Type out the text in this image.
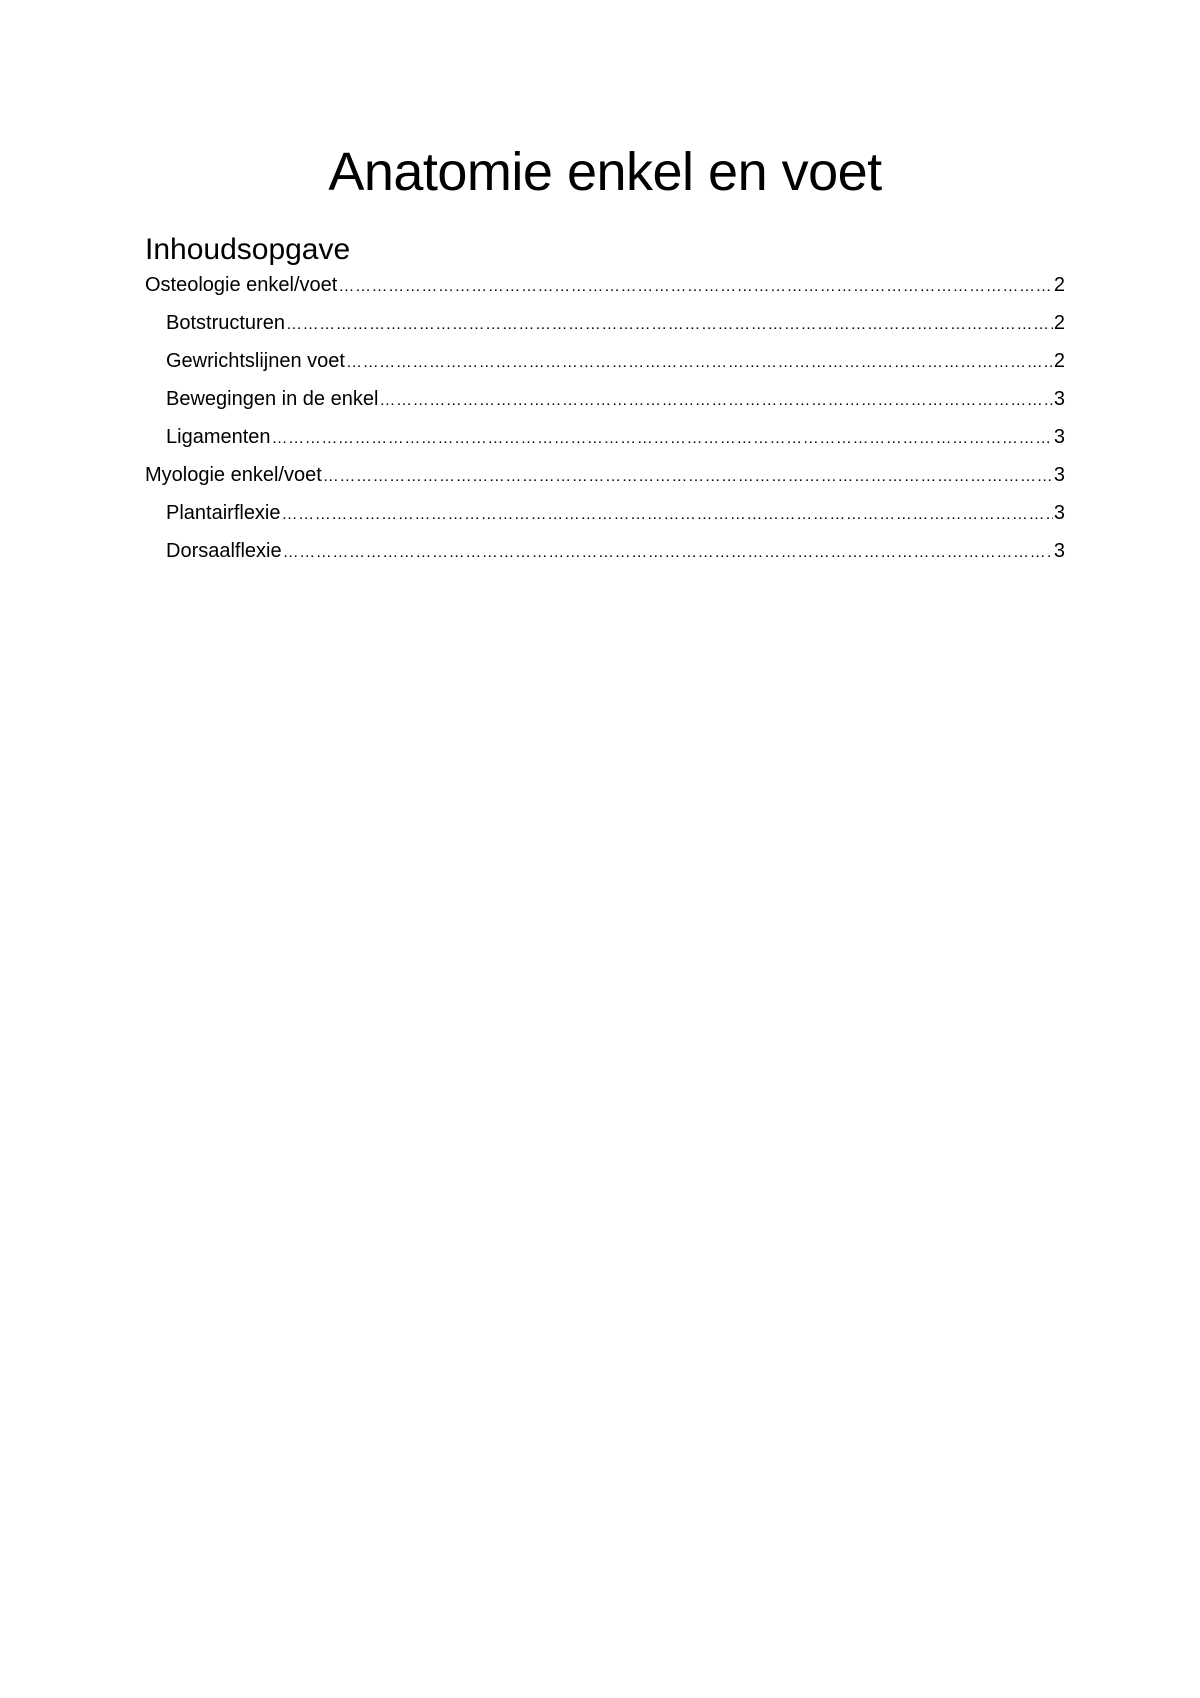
Anatomie enkel en voet
Inhoudsopgave
Osteologie enkel/voet ……………………………………………………………………………………………………………………………………………………………………………………………………………………………………	2
Botstructuren ……………………………………………………………………………………………………………………………………………………………………………………………………………………………………	2
Gewrichtslijnen voet ……………………………………………………………………………………………………………………………………………………………………………………………………………………………………	2
Bewegingen in de enkel ……………………………………………………………………………………………………………………………………………………………………………………………………………………………………	3
Ligamenten ……………………………………………………………………………………………………………………………………………………………………………………………………………………………………	3
Myologie enkel/voet ……………………………………………………………………………………………………………………………………………………………………………………………………………………………………	3
Plantairflexie ……………………………………………………………………………………………………………………………………………………………………………………………………………………………………	3
Dorsaalflexie ……………………………………………………………………………………………………………………………………………………………………………………………………………………………………	3
